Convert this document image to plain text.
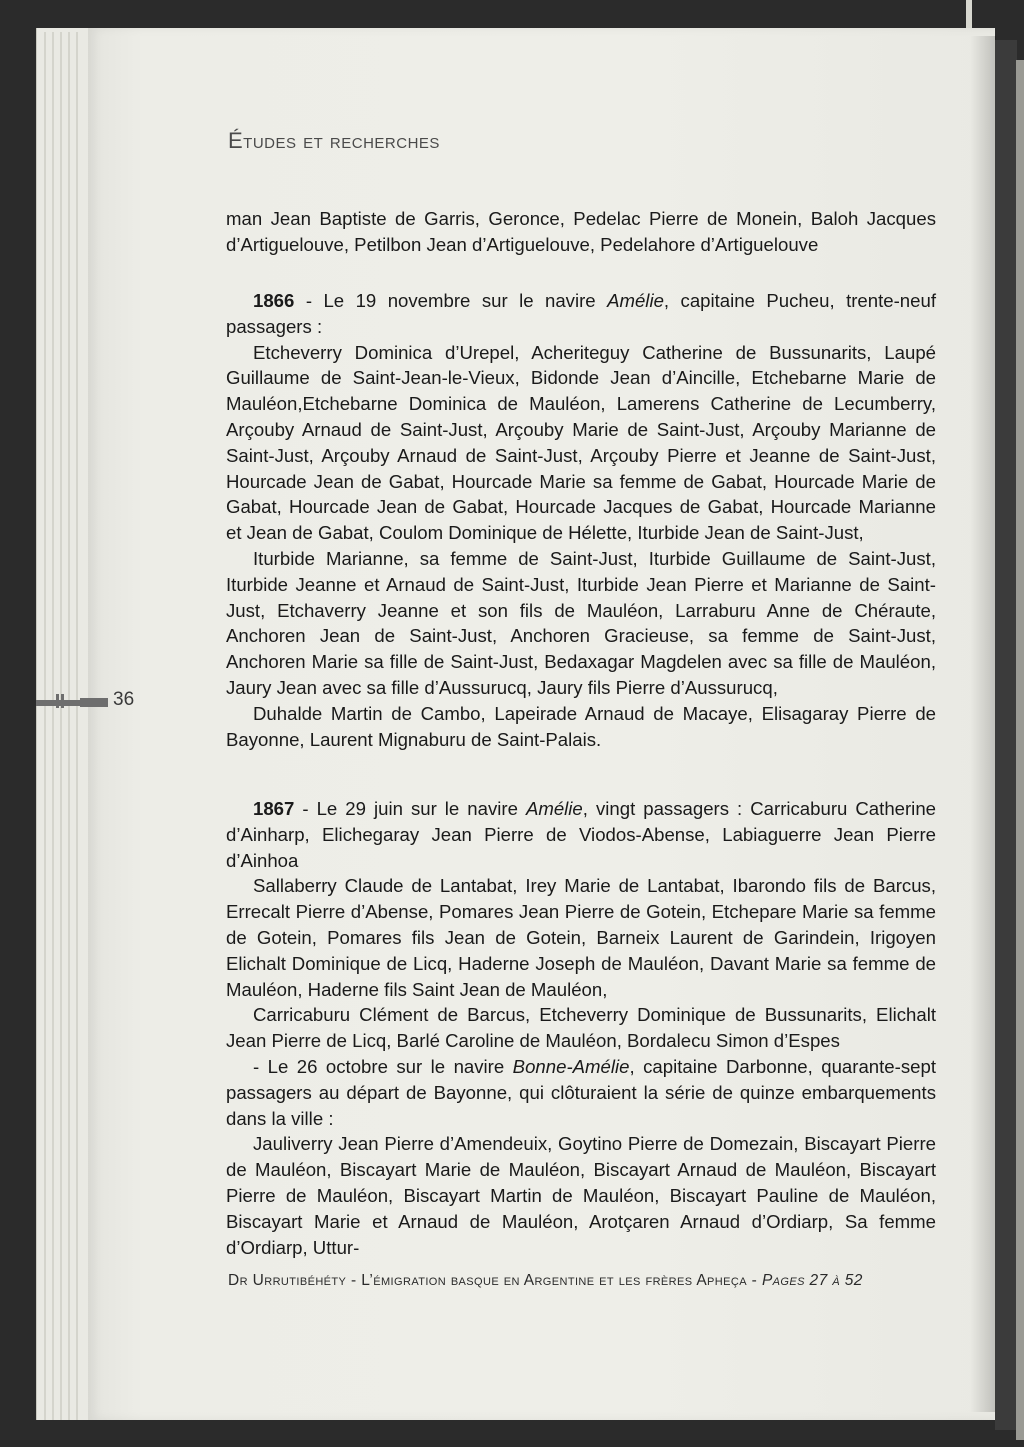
Études et recherches

man Jean Baptiste de Garris, Geronce, Pedelac Pierre de Monein, Baloh Jacques d’Artiguelouve, Petilbon Jean d’Artiguelouve, Pedelahore d’Artiguelouve

1866 - Le 19 novembre sur le navire Amélie, capitaine Pucheu, trente-neuf passagers :

Etcheverry Dominica d’Urepel, Acheriteguy Catherine de Bussunarits, Laupé Guillaume de Saint-Jean-le-Vieux, Bidonde Jean d’Aincille, Etchebarne Marie de Mauléon,Etchebarne Dominica de Mauléon, Lamerens Catherine de Lecumberry, Arçouby Arnaud de Saint-Just, Arçouby Marie de Saint-Just, Arçouby Marianne de Saint-Just, Arçouby Arnaud de Saint-Just, Arçouby Pierre et Jeanne de Saint-Just, Hourcade Jean de Gabat, Hourcade Marie sa femme de Gabat, Hourcade Marie de Gabat, Hourcade Jean de Gabat, Hourcade Jacques de Gabat, Hourcade Marianne et Jean de Gabat, Coulom Dominique de Hélette, Iturbide Jean de Saint-Just,

Iturbide Marianne, sa femme de Saint-Just, Iturbide Guillaume de Saint-Just, Iturbide Jeanne et Arnaud de Saint-Just, Iturbide Jean Pierre et Marianne de Saint-Just, Etchaverry Jeanne et son fils de Mauléon, Larraburu Anne de Chéraute, Anchoren Jean de Saint-Just, Anchoren Gracieuse, sa femme de Saint-Just, Anchoren Marie sa fille de Saint-Just, Bedaxagar Magdelen avec sa fille de Mauléon, Jaury Jean avec sa fille d’Aussurucq, Jaury fils Pierre d’Aussurucq,

Duhalde Martin de Cambo, Lapeirade Arnaud de Macaye, Elisagaray Pierre de Bayonne, Laurent Mignaburu de Saint-Palais.

1867 - Le 29 juin sur le navire Amélie, vingt passagers : Carricaburu Catherine d’Ainharp, Elichegaray Jean Pierre de Viodos-Abense, Labiaguerre Jean Pierre d’Ainhoa

Sallaberry Claude de Lantabat, Irey Marie de Lantabat, Ibarondo fils de Barcus, Errecalt Pierre d’Abense, Pomares Jean Pierre de Gotein, Etchepare Marie sa femme de Gotein, Pomares fils Jean de Gotein, Barneix Laurent de Garindein, Irigoyen Elichalt Dominique de Licq, Haderne Joseph de Mauléon, Davant Marie sa femme de Mauléon, Haderne fils Saint Jean de Mauléon,

Carricaburu Clément de Barcus, Etcheverry Dominique de Bussunarits, Elichalt Jean Pierre de Licq, Barlé Caroline de Mauléon, Bordalecu Simon d’Espes

- Le 26 octobre sur le navire Bonne-Amélie, capitaine Darbonne, quarante-sept passagers au départ de Bayonne, qui clôturaient la série de quinze embarquements dans la ville :

Jauliverry Jean Pierre d’Amendeuix, Goytino Pierre de Domezain, Biscayart Pierre de Mauléon, Biscayart Marie de Mauléon, Biscayart Arnaud de Mauléon, Biscayart Pierre de Mauléon, Biscayart Martin de Mauléon, Biscayart Pauline de Mauléon, Biscayart Marie et Arnaud de Mauléon, Arotçaren Arnaud d’Ordiarp, Sa femme d’Ordiarp, Uttur-

36
Dr Urrutibéhéty - L’émigration basque en Argentine et les frères Apheça - Pages 27 à 52
